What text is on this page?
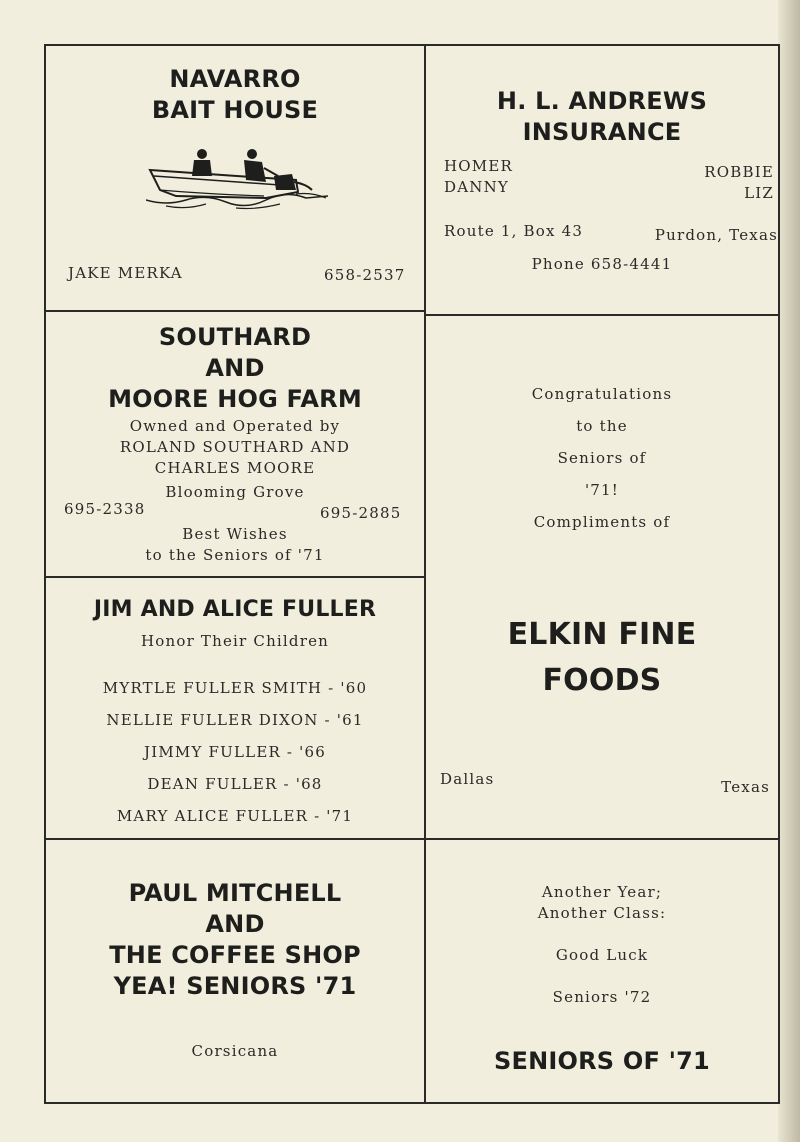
NAVARRO
BAIT HOUSE
JAKE MERKA	658-2537
H. L. ANDREWS
INSURANCE
HOMER
DANNY
ROBBIE
LIZ
Route 1, Box 43	Purdon, Texas
Phone 658-4441
SOUTHARD
AND
MOORE HOG FARM
Owned and Operated by
ROLAND SOUTHARD AND
CHARLES MOORE
Blooming Grove
695-2338	695-2885
Best Wishes
to the Seniors of '71
Congratulations
to the
Seniors of
'71!
Compliments of
ELKIN FINE
FOODS
Dallas	Texas
JIM AND ALICE FULLER
Honor Their Children
MYRTLE FULLER SMITH - '60
NELLIE FULLER DIXON - '61
JIMMY FULLER - '66
DEAN FULLER - '68
MARY ALICE FULLER - '71
PAUL MITCHELL
AND
THE COFFEE SHOP
YEA! SENIORS '71
Corsicana
Another Year;
Another Class:
Good Luck
Seniors '72
SENIORS OF '71
